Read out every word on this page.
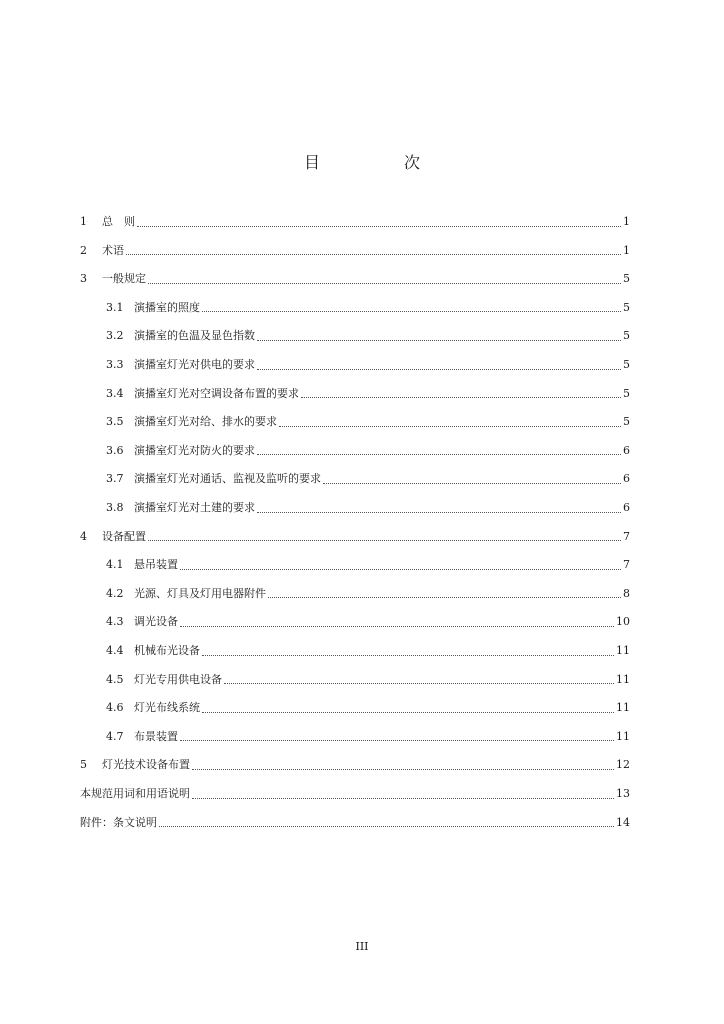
目　次
1	总　则	1
2	术语	1
3	一般规定	5
3.1 演播室的照度	5
3.2 演播室的色温及显色指数	5
3.3 演播室灯光对供电的要求	5
3.4 演播室灯光对空调设备布置的要求	5
3.5 演播室灯光对给、排水的要求	5
3.6 演播室灯光对防火的要求	6
3.7 演播室灯光对通话、监视及监听的要求	6
3.8 演播室灯光对土建的要求	6
4	设备配置	7
4.1 悬吊装置	7
4.2 光源、灯具及灯用电器附件	8
4.3 调光设备	10
4.4 机械布光设备	11
4.5 灯光专用供电设备	11
4.6 灯光布线系统	11
4.7 布景装置	11
5	灯光技术设备布置	12
本规范用词和用语说明	13
附件：条文说明	14
III
